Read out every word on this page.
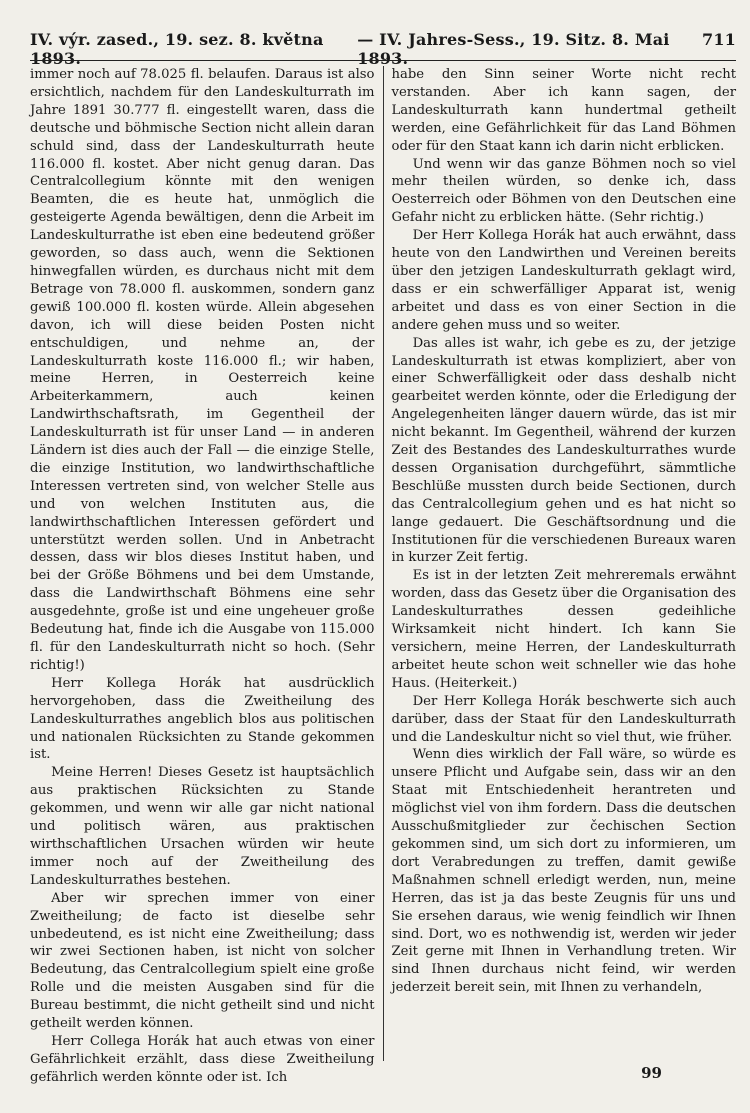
IV. výr. zased., 19. sez. 8. května 1893.
— IV. Jahres-Sess., 19. Sitz. 8. Mai 1893.
711

immer noch auf 78.025 fl. belaufen. Daraus ist also ersichtlich, nachdem für den Landeskulturrath im Jahre 1891 30.777 fl. eingestellt waren, dass die deutsche und böhmische Section nicht allein daran schuld sind, dass der Landeskulturrath heute 116.000 fl. kostet. Aber nicht genug daran. Das Centralcollegium könnte mit den wenigen Beamten, die es heute hat, unmöglich die gesteigerte Agenda bewältigen, denn die Arbeit im Landeskulturrathe ist eben eine bedeutend größer geworden, so dass auch, wenn die Sektionen hinwegfallen würden, es durchaus nicht mit dem Betrage von 78.000 fl. auskommen, sondern ganz gewiß 100.000 fl. kosten würde. Allein abgesehen davon, ich will diese beiden Posten nicht entschuldigen, und nehme an, der Landeskulturrath koste 116.000 fl.; wir haben, meine Herren, in Oesterreich keine Arbeiterkammern, auch keinen Landwirthschaftsrath, im Gegentheil der Landeskulturrath ist für unser Land — in anderen Ländern ist dies auch der Fall — die einzige Stelle, die einzige Institution, wo landwirthschaftliche Interessen vertreten sind, von welcher Stelle aus und von welchen Instituten aus, die landwirthschaftlichen Interessen gefördert und unterstützt werden sollen. Und in Anbetracht dessen, dass wir blos dieses Institut haben, und bei der Größe Böhmens und bei dem Umstande, dass die Landwirthschaft Böhmens eine sehr ausgedehnte, große ist und eine ungeheuer große Bedeutung hat, finde ich die Ausgabe von 115.000 fl. für den Landeskulturrath nicht so hoch. (Sehr richtig!)

Herr Kollega Horák hat ausdrücklich hervorgehoben, dass die Zweitheilung des Landeskulturrathes angeblich blos aus politischen und nationalen Rücksichten zu Stande gekommen ist.

Meine Herren! Dieses Gesetz ist hauptsächlich aus praktischen Rücksichten zu Stande gekommen, und wenn wir alle gar nicht national und politisch wären, aus praktischen wirthschaftlichen Ursachen würden wir heute immer noch auf der Zweitheilung des Landeskulturrathes bestehen.

Aber wir sprechen immer von einer Zweitheilung; de facto ist dieselbe sehr unbedeutend, es ist nicht eine Zweitheilung; dass wir zwei Sectionen haben, ist nicht von solcher Bedeutung, das Centralcollegium spielt eine große Rolle und die meisten Ausgaben sind für die Bureau bestimmt, die nicht getheilt sind und nicht getheilt werden können.

Herr Collega Horák hat auch etwas von einer Gefährlichkeit erzählt, dass diese Zweitheilung gefährlich werden könnte oder ist. Ich

habe den Sinn seiner Worte nicht recht verstanden. Aber ich kann sagen, der Landeskulturrath kann hundertmal getheilt werden, eine Gefährlichkeit für das Land Böhmen oder für den Staat kann ich darin nicht erblicken.

Und wenn wir das ganze Böhmen noch so viel mehr theilen würden, so denke ich, dass Oesterreich oder Böhmen von den Deutschen eine Gefahr nicht zu erblicken hätte. (Sehr richtig.)

Der Herr Kollega Horák hat auch erwähnt, dass heute von den Landwirthen und Vereinen bereits über den jetzigen Landeskulturrath geklagt wird, dass er ein schwerfälliger Apparat ist, wenig arbeitet und dass es von einer Section in die andere gehen muss und so weiter.

Das alles ist wahr, ich gebe es zu, der jetzige Landeskulturrath ist etwas kompliziert, aber von einer Schwerfälligkeit oder dass deshalb nicht gearbeitet werden könnte, oder die Erledigung der Angelegenheiten länger dauern würde, das ist mir nicht bekannt. Im Gegentheil, während der kurzen Zeit des Bestandes des Landeskulturrathes wurde dessen Organisation durchgeführt, sämmtliche Beschlüße mussten durch beide Sectionen, durch das Centralcollegium gehen und es hat nicht so lange gedauert. Die Geschäftsordnung und die Institutionen für die verschiedenen Bureaux waren in kurzer Zeit fertig.

Es ist in der letzten Zeit mehreremals erwähnt worden, dass das Gesetz über die Organisation des Landeskulturrathes dessen gedeihliche Wirksamkeit nicht hindert. Ich kann Sie versichern, meine Herren, der Landeskulturrath arbeitet heute schon weit schneller wie das hohe Haus. (Heiterkeit.)

Der Herr Kollega Horák beschwerte sich auch darüber, dass der Staat für den Landeskulturrath und die Landeskultur nicht so viel thut, wie früher.

Wenn dies wirklich der Fall wäre, so würde es unsere Pflicht und Aufgabe sein, dass wir an den Staat mit Entschiedenheit herantreten und möglichst viel von ihm fordern. Dass die deutschen Ausschußmitglieder zur čechischen Section gekommen sind, um sich dort zu informieren, um dort Verabredungen zu treffen, damit gewiße Maßnahmen schnell erledigt werden, nun, meine Herren, das ist ja das beste Zeugnis für uns und Sie ersehen daraus, wie wenig feindlich wir Ihnen sind. Dort, wo es nothwendig ist, werden wir jeder Zeit gerne mit Ihnen in Verhandlung treten. Wir sind Ihnen durchaus nicht feind, wir werden jederzeit bereit sein, mit Ihnen zu verhandeln,

99
